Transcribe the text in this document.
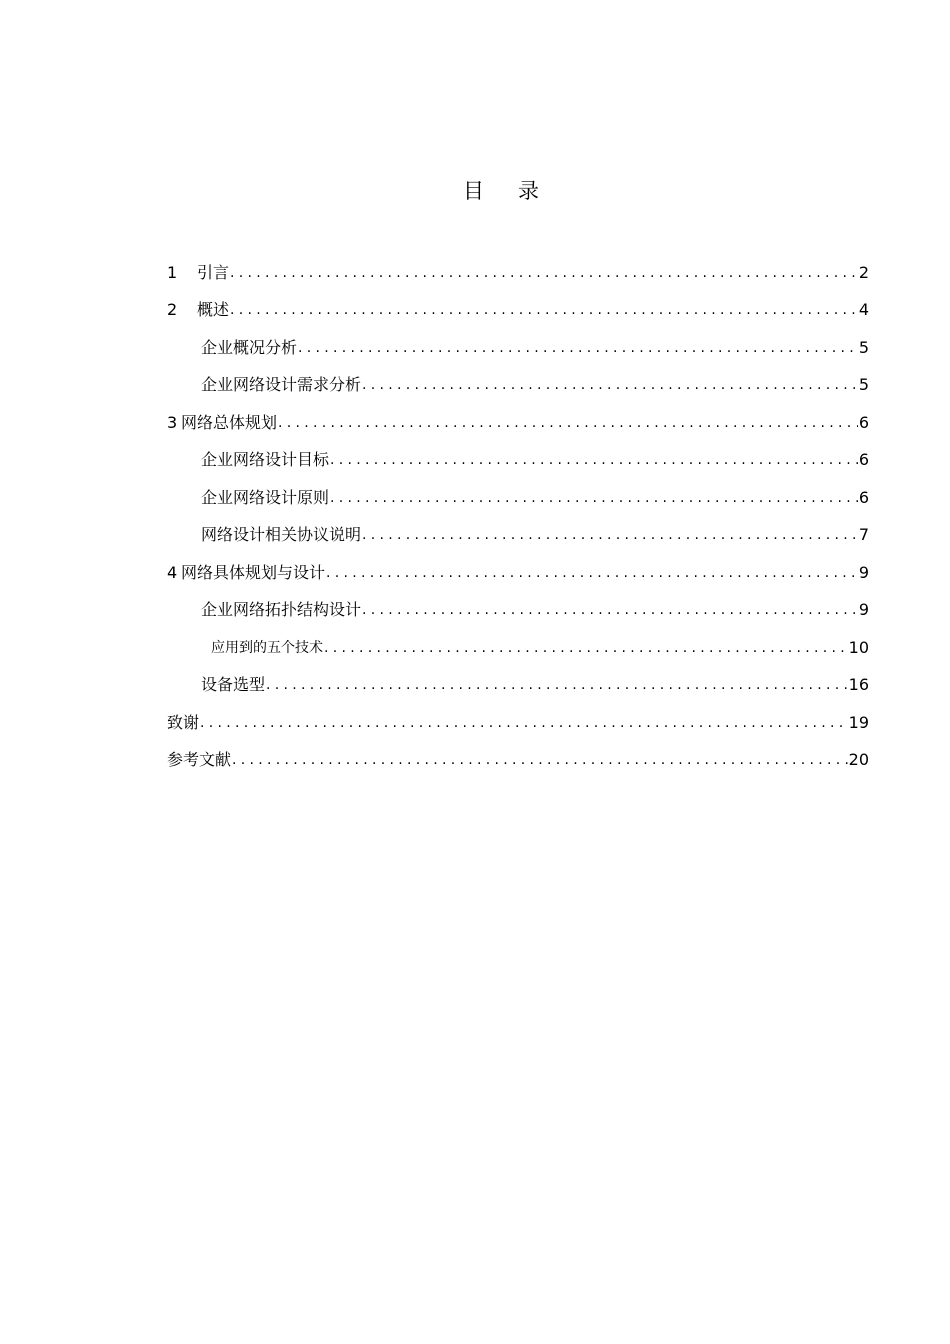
目录
1	引言 .....	2
2	概述 .....	4
企业概况分析 .....	5
企业网络设计需求分析 .....	5
3 网络总体规划 .....	6
企业网络设计目标 .....	6
企业网络设计原则 .....	6
网络设计相关协议说明 .....	7
4 网络具体规划与设计 .....	9
企业网络拓扑结构设计 .....	9
应用到的五个技术 .....	10
设备选型 .....	16
致谢 .....	19
参考文献 .....	20
